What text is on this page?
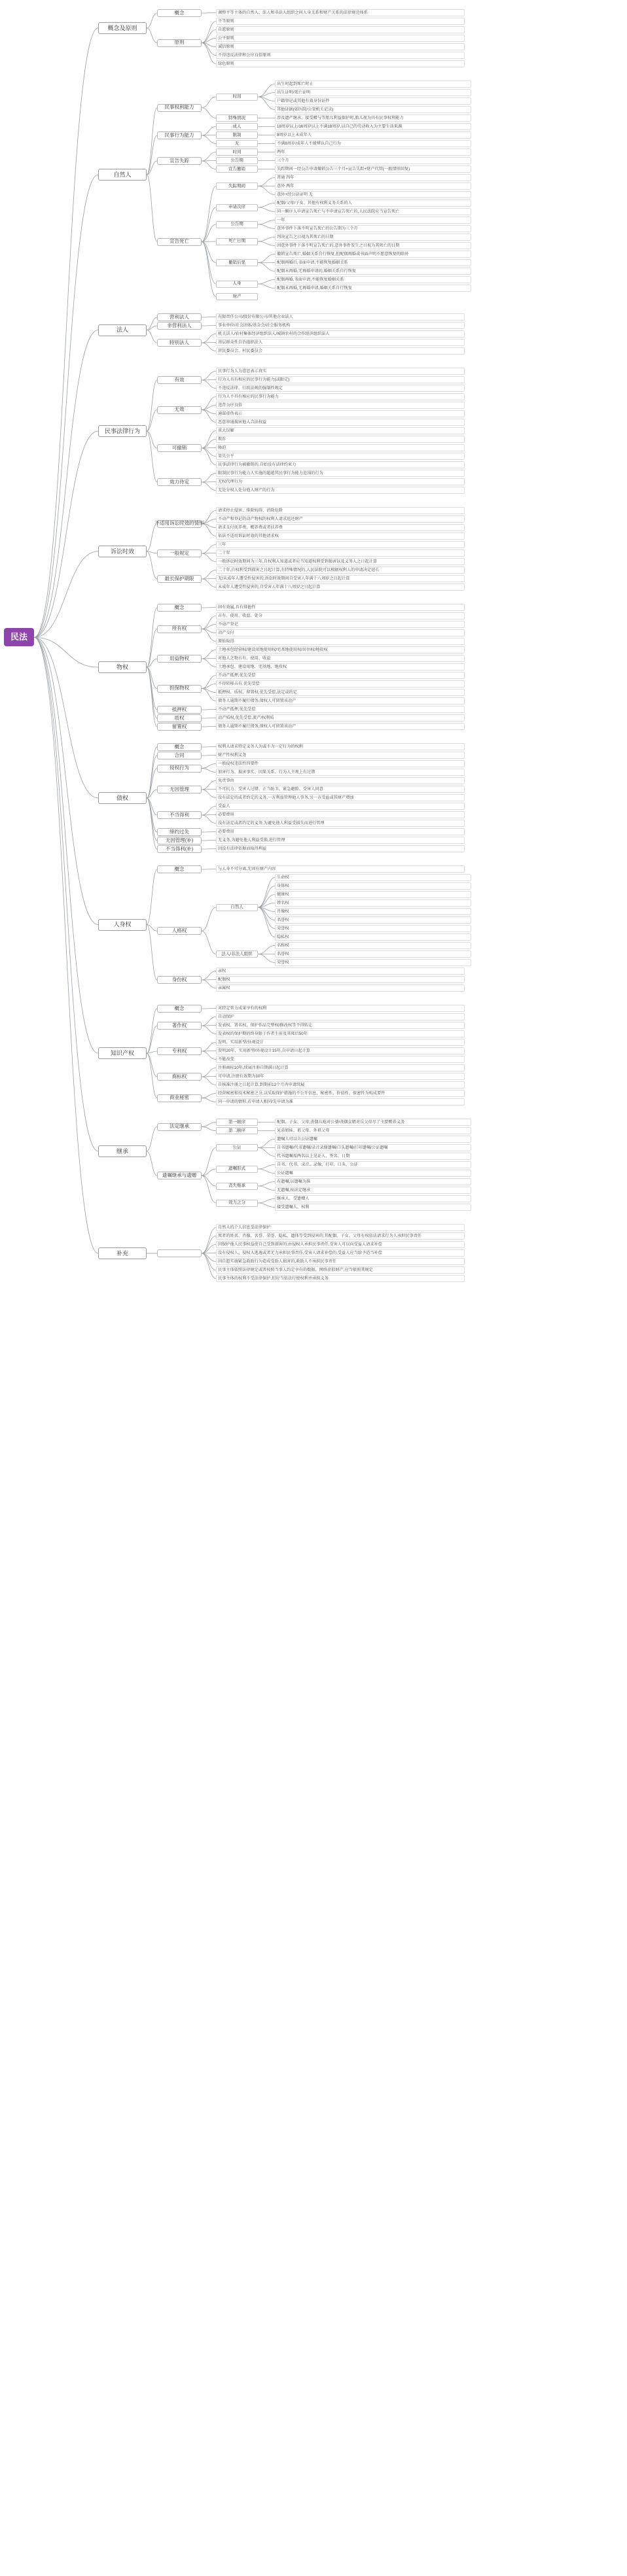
调整平等主体的自然人、法人和非法人组织之间人身关系和财产关系的法律规范体系
概念
平等原则
自愿原则
公平原则
诚信原则
不得违反法律和公序良俗原则
绿色原则
原则
概念及原则
出生时起到死亡时止
出生证明/死亡证明
户籍登记或其他有效身份证件
其他证据(如医院/公安机关记录)
时间
涉及遗产继承、接受赠与等胎儿利益保护时,胎儿视为具有民事权利能力
特殊情况
民事权利能力
18周岁以上/16周岁以上不满18周岁,以自己的劳动收入为主要生活来源
成人
8周岁以上未成年人
限制
不满8周岁/成年人不能辨认自己行为
无
民事行为能力
两年
时间
三个月
公告期
失踪期间一经公告申请撤销公告三个月+宣告失踪+财产代管(一般情形回复)
宣告撤销
宣告失踪
普通 四年
意外 两年
意外+经公证证明 无
失踪期间
配偶/父母/子女、其他有权利义务关系的人
同一顺序人申请宣告死亡与不申请宣告死亡的,人民法院应当宣告死亡
申请次序
一年
意外事件下落不明宣告死亡的公告期为三个月
公告期
判决宣告之日视为其死亡的日期
因意外事件下落不明宣告死亡的,意外事件发生之日视为其死亡的日期
死亡日期
撤销宣告死亡,婚姻关系自行恢复,但配偶再婚或书面声明不愿意恢复的除外
配偶再婚后,书面申请,不能恢复婚姻关系
配偶未再婚,无再婚申请的,婚姻关系自行恢复
撤销后果
配偶再婚,书面申请,不能恢复婚姻关系
配偶未再婚,无再婚申请,婚姻关系自行恢复
人身
财产
宣告死亡
自然人
有限责任公司/股份有限公司/其他企业法人
营利法人
事业单位/社会团体/基金会/社会服务机构
非营利法人
机关法人/农村集体经济组织法人/城镇农村的合作经济组织法人
基层群众性自治组织法人
居民委员会、村民委员会
特别法人
法人
民事行为人为意思表示真实
行为人具有相应的民事行为能力(或限定)
不违反法律、行政法规的强制性规定
有效
行为人不具有相应的民事行为能力
违背公序良俗
通谋虚伪表示
恶意串通损害他人合法权益
无效
重大误解
欺诈
胁迫
显失公平
民事法律行为被撤销的,自始没有法律约束力
可撤销
限制民事行为能力人实施的超越其民事行为能力范围的行为
无权代理行为
无处分权人处分他人财产的行为
效力待定
民事法律行为
请求停止侵害、排除妨碍、消除危险
不动产和登记的动产物权的权利人请求返还财产
请求支付抚养费、赡养费或者扶养费
依法不适用诉讼时效的其他请求权
不适用诉讼时效的情形
三年
二十年
一般诉讼时效期间为三年,自权利人知道或者应当知道权利受到损害以及义务人之日起计算
一般规定
二十年,自权利受到损害之日起计算,有特殊情况的,人民法院可以根据权利人的申请决定延长
无/未成年人遭受性侵害的,诉讼时效期间自受害人年满十八周岁之日起计算
未成年人遭受性侵害的,自受害人年满十八周岁之日起计算
最长保护期限
诉讼时效
固有效属,具有排他性
概念
占有、使用、收益、处分
不动产登记
动产交付
原始取得
所有权
土地承包经营权/建设用地使用权/宅基地使用权/居住权/地役权
对他人之物占有、使用、收益
土地承包、建设用地、宅基地、地役权
用益物权
不动产抵押,优先受偿
不得转移占有,优先受偿
抵押权、质权、留置权,优先受偿,法定或约定
债务人逾期不履行债务,债权人可留置该动产
担保物权
不动产抵押,优先受偿
抵押权
动产质权,优先受偿,流产/权利质
质权
债务人逾期不履行债务,债权人可留置该动产
留置权
物权
权利人请求特定义务人为或不为一定行为的权利
概念
财产性权利义务
合同
一般侵权违法性四要件
加害行为、损害事实、因果关系、行为人主观上有过错
侵权行为
免责事由
不可抗力、受害人过错、正当防卫、紧急避险、受害人同意
没有法定的或者约定的义务,一方利益管理他人事务,另一方受益或其财产增加
无因管理
受益人
必要费用
没有法定或者约定的义务,为避免他人利益受损失而进行管理
不当得利
必要费用
缔约过失
无义务,为避免他人利益受损,进行管理
无因管理(补)
因没有法律依据而取得利益
不当得利(补)
债权
与人身不可分离,无固有财产内容
概念
生命权
身体权
健康权
姓名权
肖像权
名誉权
荣誉权
隐私权
自然人
名称权
名誉权
荣誉权
法人/非法人组织
人格权
亲权
配偶权
亲属权
身份权
人身权
对特定智力成果享有的权利
概念
自动保护
发表权、署名权、保护作品完整权/修改权等不得转让
发表权的保护期的终身限于作者生前及其死后50年
著作权
发明、实用新型/外观设计
发明20年、实用新型/外观设计15年,自申请日起计算
不能改变
专利权
注册商标10年,续展注册自期满日起计算
可申请,注册有效期为10年
自核准注册之日起计算,到期前12个月内申请续展
商标权
经营秘密和技术秘密之分,以采取保护措施的不公开信息、秘密性、价值性、保密性为构成要件
同一申请的情形,若申请人相同/先申请为准
商业秘密
知识产权
配偶、子女、父母;丧偶儿媳对公婆/丧偶女婿对岳父母尽了主要赡养义务
第一顺序
兄弟姐妹、祖父母、外祖父母
第二顺序
法定继承
遗嘱人可以立公证遗嘱
自书遗嘱/代书遗嘱/录音录像遗嘱/口头遗嘱/打印遗嘱/公证遗嘱
代书遗嘱需两名以上见证人、签名、日期
公证
自书、代书、录音、录像、打印、口头、公证
公证遗嘱
遗嘱形式
有遗嘱,以遗嘱为准
无遗嘱,按法定继承
丧失继承
继承人、受遗赠人
接受遗嘱人、权利
效力之分
遗嘱继承与遗赠
继承
自然人的个人信息受法律保护
死者的姓名、肖像、名誉、荣誉、隐私、遗体等受到侵害的,其配偶、子女、父母有权依法请求行为人承担民事责任
因保护他人民事权益使自己受到损害的,由侵权人承担民事责任,受害人可以向受益人请求补偿
没有侵权人、侵权人逃逸或者无力承担民事责任,受害人请求补偿的,受益人应当给予适当补偿
因自愿实施紧急救助行为造成受助人损害的,救助人不承担民事责任
民事主体依照法律规定或者按照当事人约定享有的数据、网络虚拟财产,应当依照其规定
民事主体的权利不受法律保护,但应当依法行使权利并承担义务
补充
民法
